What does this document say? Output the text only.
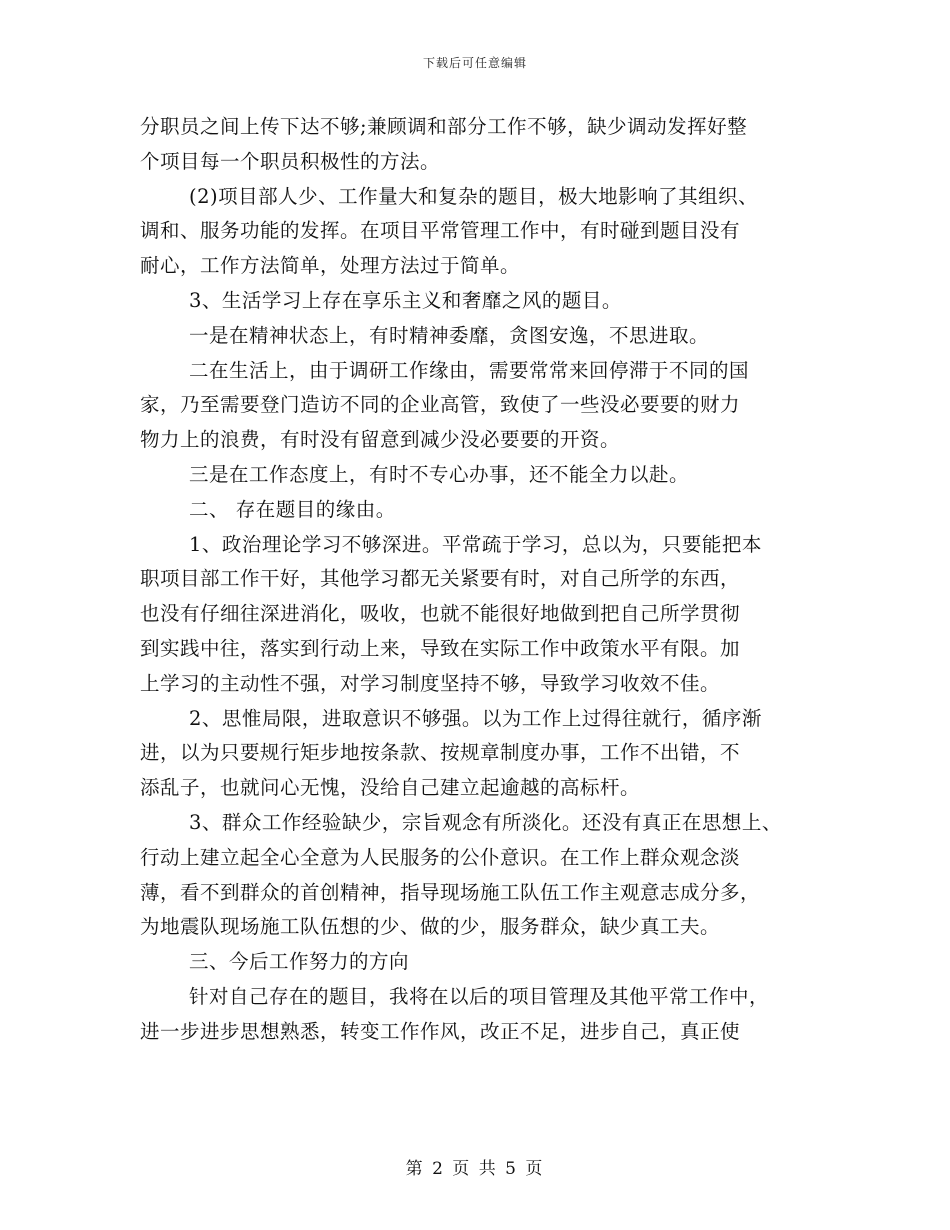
下载后可任意编辑
分职员之间上传下达不够;兼顾调和部分工作不够，缺少调动发挥好整
个项目每一个职员积极性的方法。
(2)项目部人少、工作量大和复杂的题目，极大地影响了其组织、
调和、服务功能的发挥。在项目平常管理工作中，有时碰到题目没有
耐心，工作方法简单，处理方法过于简单。
3、生活学习上存在享乐主义和奢靡之风的题目。
一是在精神状态上，有时精神委靡，贪图安逸，不思进取。
二在生活上，由于调研工作缘由，需要常常来回停滞于不同的国
家，乃至需要登门造访不同的企业高管，致使了一些没必要要的财力
物力上的浪费，有时没有留意到减少没必要要的开资。
三是在工作态度上，有时不专心办事，还不能全力以赴。
二、 存在题目的缘由。
1、政治理论学习不够深进。平常疏于学习，总以为，只要能把本
职项目部工作干好，其他学习都无关紧要有时，对自己所学的东西，
也没有仔细往深进消化，吸收，也就不能很好地做到把自己所学贯彻
到实践中往，落实到行动上来，导致在实际工作中政策水平有限。加
上学习的主动性不强，对学习制度坚持不够，导致学习收效不佳。
2、思惟局限，进取意识不够强。以为工作上过得往就行，循序渐
进，以为只要规行矩步地按条款、按规章制度办事，工作不出错，不
添乱子，也就问心无愧，没给自己建立起逾越的高标杆。
3、群众工作经验缺少，宗旨观念有所淡化。还没有真正在思想上、
行动上建立起全心全意为人民服务的公仆意识。在工作上群众观念淡
薄，看不到群众的首创精神，指导现场施工队伍工作主观意志成分多，
为地震队现场施工队伍想的少、做的少，服务群众，缺少真工夫。
三、今后工作努力的方向
针对自己存在的题目，我将在以后的项目管理及其他平常工作中，
进一步进步思想熟悉，转变工作作风，改正不足，进步自己，真正使
第 2 页 共 5 页
